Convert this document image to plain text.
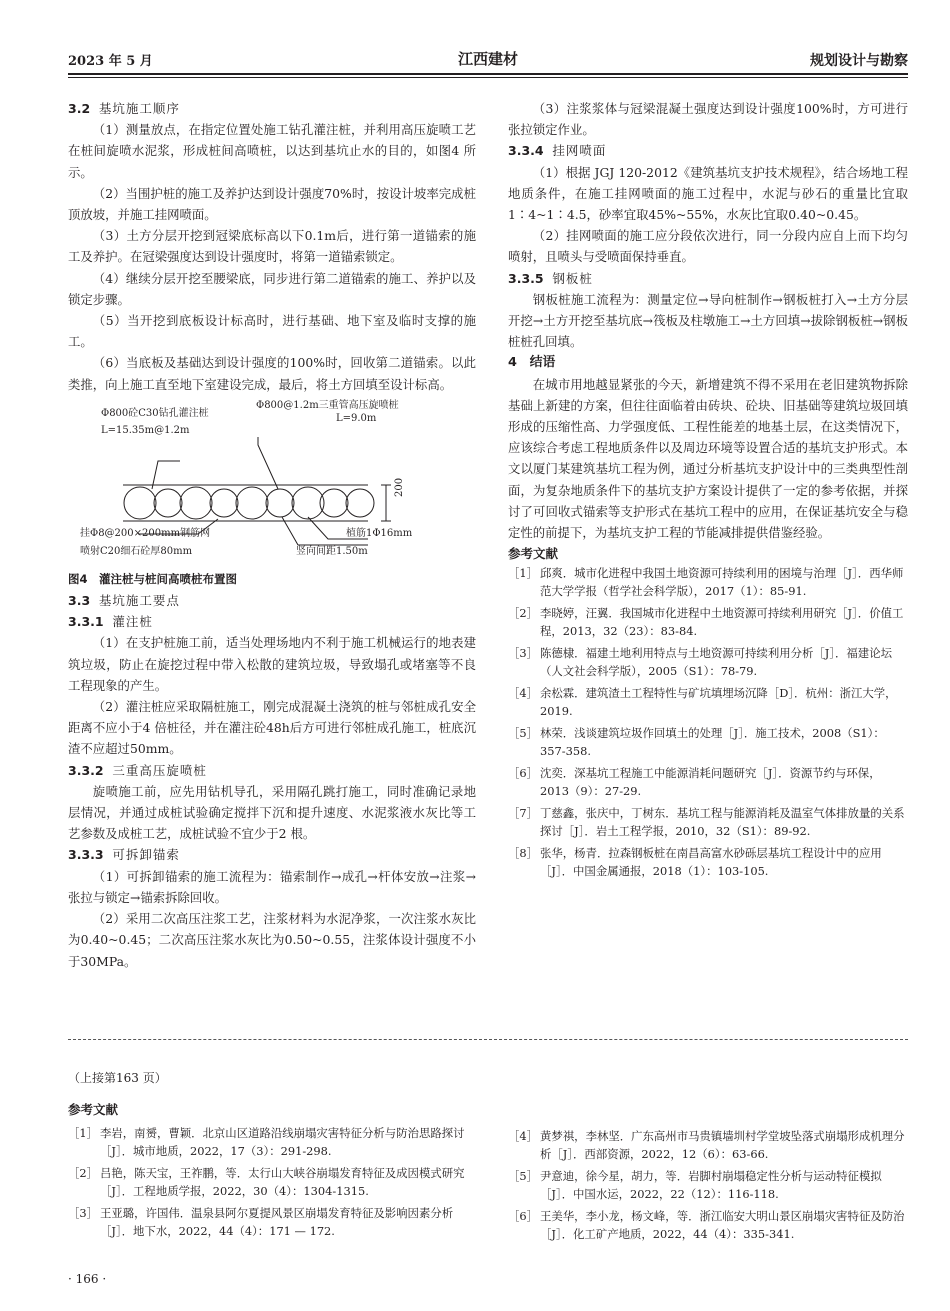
2023 年 5 月	江西建材	规划设计与勘察

3.2 基坑施工顺序

（1）测量放点，在指定位置处施工钻孔灌注桩，并利用高压旋喷工艺在桩间旋喷水泥浆，形成桩间高喷桩，以达到基坑止水的目的，如图4 所示。

（2）当围护桩的施工及养护达到设计强度70%时，按设计坡率完成桩顶放坡，并施工挂网喷面。

（3）土方分层开挖到冠梁底标高以下0.1m后，进行第一道锚索的施工及养护。在冠梁强度达到设计强度时，将第一道锚索锁定。

（4）继续分层开挖至腰梁底，同步进行第二道锚索的施工、养护以及锁定步骤。

（5）当开挖到底板设计标高时，进行基础、地下室及临时支撑的施工。

（6）当底板及基础达到设计强度的100%时，回收第二道锚索。以此类推，向上施工直至地下室建设完成，最后，将土方回填至设计标高。

Φ800砼C30钻孔灌注桩
L=15.35m@1.2m
Φ800@1.2m三重管高压旋喷桩
L=9.0m
200
挂Φ8@200×200mm钢筋网
喷射C20细石砼厚80mm
植筋1Φ16mm
竖向间距1.50m

图4　灌注桩与桩间高喷桩布置图

3.3 基坑施工要点

3.3.1 灌注桩

（1）在支护桩施工前，适当处理场地内不利于施工机械运行的地表建筑垃圾，防止在旋挖过程中带入松散的建筑垃圾，导致塌孔或堵塞等不良工程现象的产生。

（2）灌注桩应采取隔桩施工，刚完成混凝土浇筑的桩与邻桩成孔安全距离不应小于4 倍桩径，并在灌注砼48h后方可进行邻桩成孔施工，桩底沉渣不应超过50mm。

3.3.2 三重高压旋喷桩

旋喷施工前，应先用钻机导孔，采用隔孔跳打施工，同时准确记录地层情况，并通过成桩试验确定搅拌下沉和提升速度、水泥浆液水灰比等工艺参数及成桩工艺，成桩试验不宜少于2 根。

3.3.3 可拆卸锚索

（1）可拆卸锚索的施工流程为：锚索制作→成孔→杆体安放→注浆→张拉与锁定→锚索拆除回收。

（2）采用二次高压注浆工艺，注浆材料为水泥净浆，一次注浆水灰比为0.40~0.45；二次高压注浆水灰比为0.50~0.55，注浆体设计强度不小于30MPa。

（3）注浆浆体与冠梁混凝土强度达到设计强度100%时，方可进行张拉锁定作业。

3.3.4 挂网喷面

（1）根据 JGJ 120-2012《建筑基坑支护技术规程》，结合场地工程地质条件，在施工挂网喷面的施工过程中，水泥与砂石的重量比宜取1∶4~1∶4.5，砂率宜取45%~55%，水灰比宜取0.40~0.45。

（2）挂网喷面的施工应分段依次进行，同一分段内应自上而下均匀喷射，且喷头与受喷面保持垂直。

3.3.5 钢板桩

钢板桩施工流程为：测量定位→导向桩制作→钢板桩打入→土方分层开挖→土方开挖至基坑底→筏板及柱墩施工→土方回填→拔除钢板桩→钢板桩桩孔回填。

4　结语

在城市用地越显紧张的今天，新增建筑不得不采用在老旧建筑物拆除基础上新建的方案，但往往面临着由砖块、砼块、旧基础等建筑垃圾回填形成的压缩性高、力学强度低、工程性能差的地基土层，在这类情况下，应该综合考虑工程地质条件以及周边环境等设置合适的基坑支护形式。本文以厦门某建筑基坑工程为例，通过分析基坑支护设计中的三类典型性剖面，为复杂地质条件下的基坑支护方案设计提供了一定的参考依据，并探讨了可回收式锚索等支护形式在基坑工程中的应用，在保证基坑安全与稳定性的前提下，为基坑支护工程的节能减排提供借鉴经验。

参考文献

［1］ 邱爽．城市化进程中我国土地资源可持续利用的困境与治理［J］．西华师范大学学报（哲学社会科学版），2017（1）：85-91.
［2］ 李晓婷，汪翼．我国城市化进程中土地资源可持续利用研究［J］．价值工程，2013，32（23）：83-84.
［3］ 陈德棣．福建土地利用特点与土地资源可持续利用分析［J］．福建论坛（人文社会科学版），2005（S1）：78-79.
［4］ 余松霖．建筑渣土工程特性与矿坑填埋场沉降［D］．杭州：浙江大学，2019.
［5］ 林荣．浅谈建筑垃圾作回填土的处理［J］．施工技术，2008（S1）：357-358.
［6］ 沈奕．深基坑工程施工中能源消耗问题研究［J］．资源节约与环保，2013（9）：27-29.
［7］ 丁慈鑫，张庆中，丁树东．基坑工程与能源消耗及温室气体排放量的关系探讨［J］．岩土工程学报，2010，32（S1）：89-92.
［8］ 张华，杨青．拉森钢板桩在南昌高富水砂砾层基坑工程设计中的应用［J］．中国金属通报，2018（1）：103-105.
（上接第163 页）

参考文献

［1］ 李岩，南赟，曹颖．北京山区道路沿线崩塌灾害特征分析与防治思路探讨［J］．城市地质，2022，17（3）：291-298.
［2］ 吕艳，陈天宝，王祚鹏，等．太行山大峡谷崩塌发育特征及成因模式研究［J］．工程地质学报，2022，30（4）：1304-1315.
［3］ 王亚璐，许国伟．温泉县阿尔夏提风景区崩塌发育特征及影响因素分析［J］．地下水，2022，44（4）：171 — 172.
［4］ 黄梦祺，李林坚．广东高州市马贵镇墙圳村学堂坡坠落式崩塌形成机理分析［J］．西部资源，2022，12（6）：63-66.
［5］ 尹意迪，徐今星，胡力，等．岩脚村崩塌稳定性分析与运动特征模拟［J］．中国水运，2022，22（12）：116-118.
［6］ 王美华，李小龙，杨文峰，等．浙江临安大明山景区崩塌灾害特征及防治［J］．化工矿产地质，2022，44（4）：335-341.
· 166 ·
